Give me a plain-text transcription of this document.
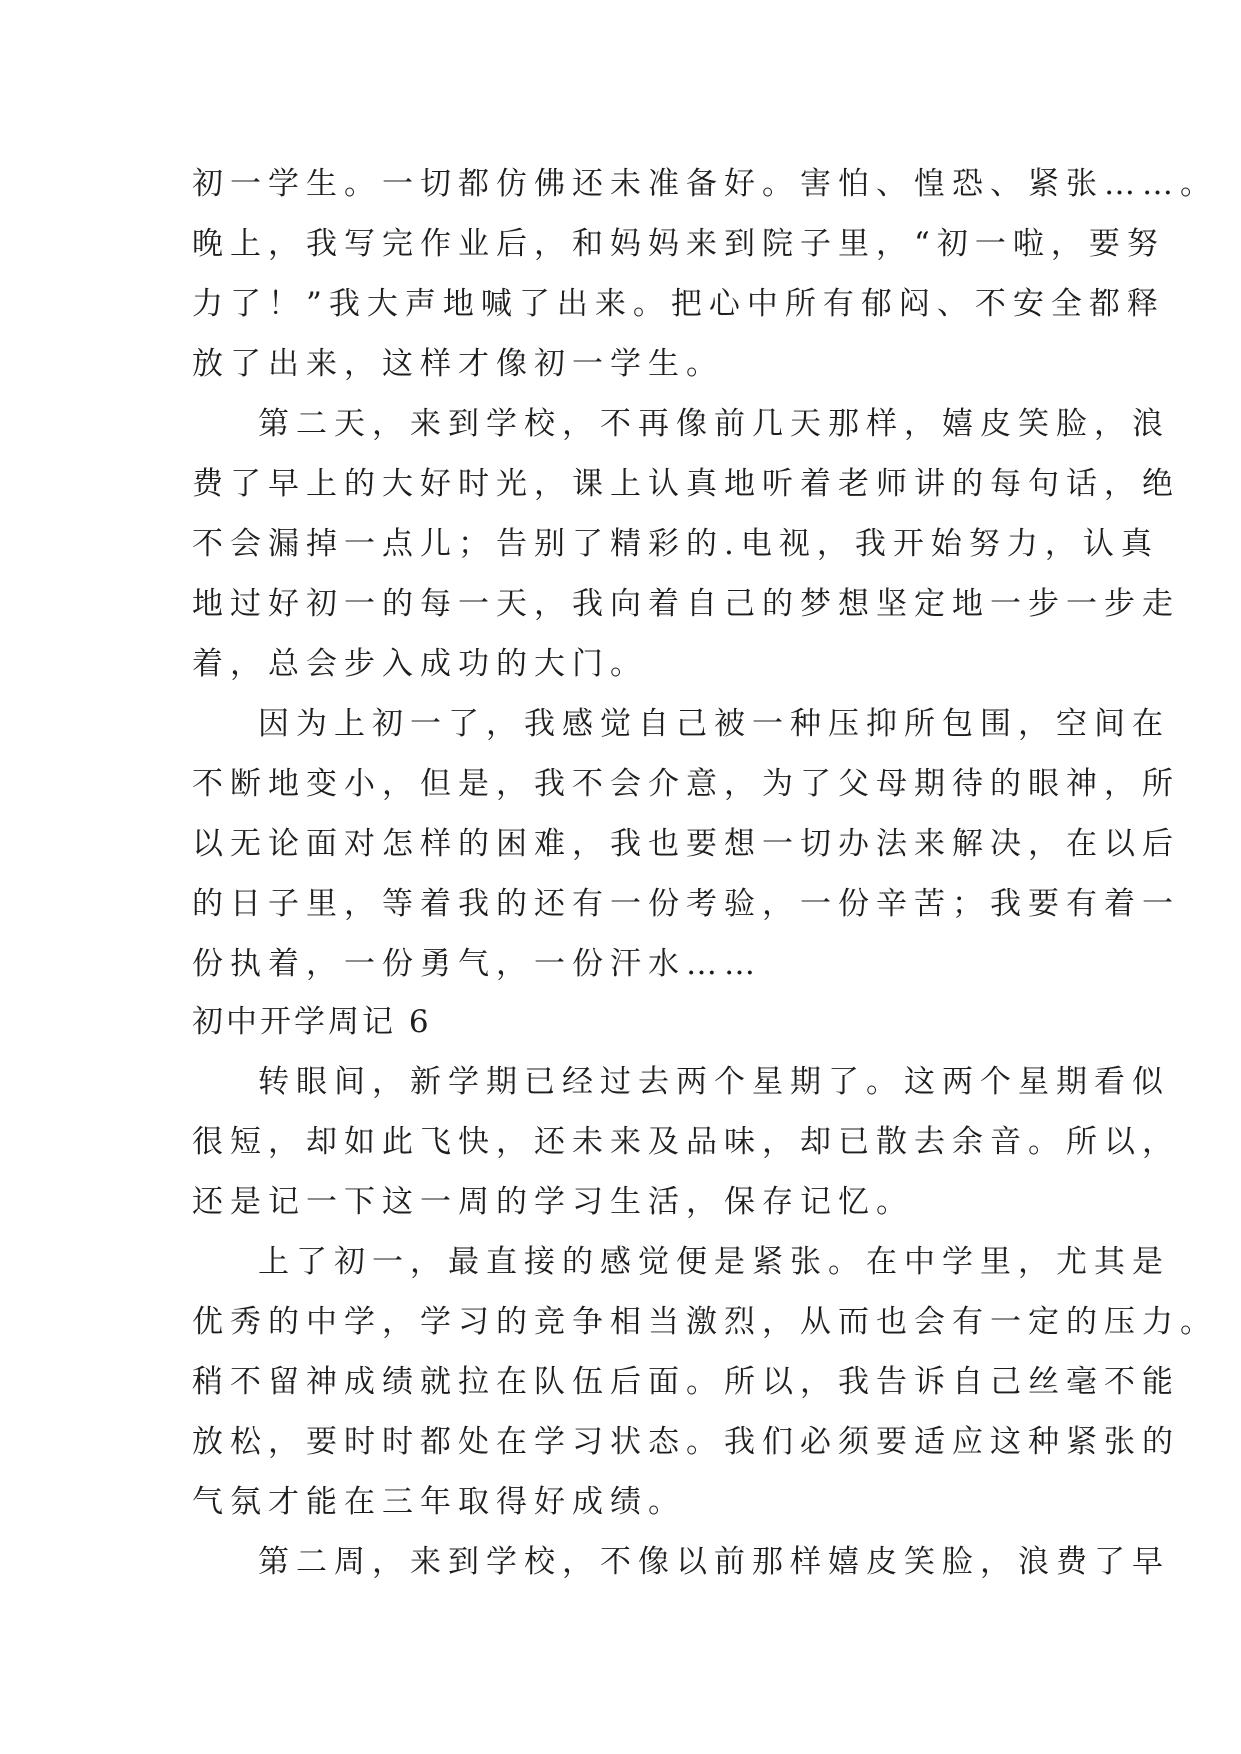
初一学生。一切都仿佛还未准备好。害怕、惶恐、紧张……。
晚上，我写完作业后，和妈妈来到院子里，“初一啦，要努
力了！”我大声地喊了出来。把心中所有郁闷、不安全都释
放了出来，这样才像初一学生。
第二天，来到学校，不再像前几天那样，嬉皮笑脸，浪
费了早上的大好时光，课上认真地听着老师讲的每句话，绝
不会漏掉一点儿；告别了精彩的.电视，我开始努力，认真
地过好初一的每一天，我向着自己的梦想坚定地一步一步走
着，总会步入成功的大门。
因为上初一了，我感觉自己被一种压抑所包围，空间在
不断地变小，但是，我不会介意，为了父母期待的眼神，所
以无论面对怎样的困难，我也要想一切办法来解决，在以后
的日子里，等着我的还有一份考验，一份辛苦；我要有着一
份执着，一份勇气，一份汗水……
初中开学周记 6
转眼间，新学期已经过去两个星期了。这两个星期看似
很短，却如此飞快，还未来及品味，却已散去余音。所以，
还是记一下这一周的学习生活，保存记忆。
上了初一，最直接的感觉便是紧张。在中学里，尤其是
优秀的中学，学习的竞争相当激烈，从而也会有一定的压力。
稍不留神成绩就拉在队伍后面。所以，我告诉自己丝毫不能
放松，要时时都处在学习状态。我们必须要适应这种紧张的
气氛才能在三年取得好成绩。
第二周，来到学校，不像以前那样嬉皮笑脸，浪费了早
